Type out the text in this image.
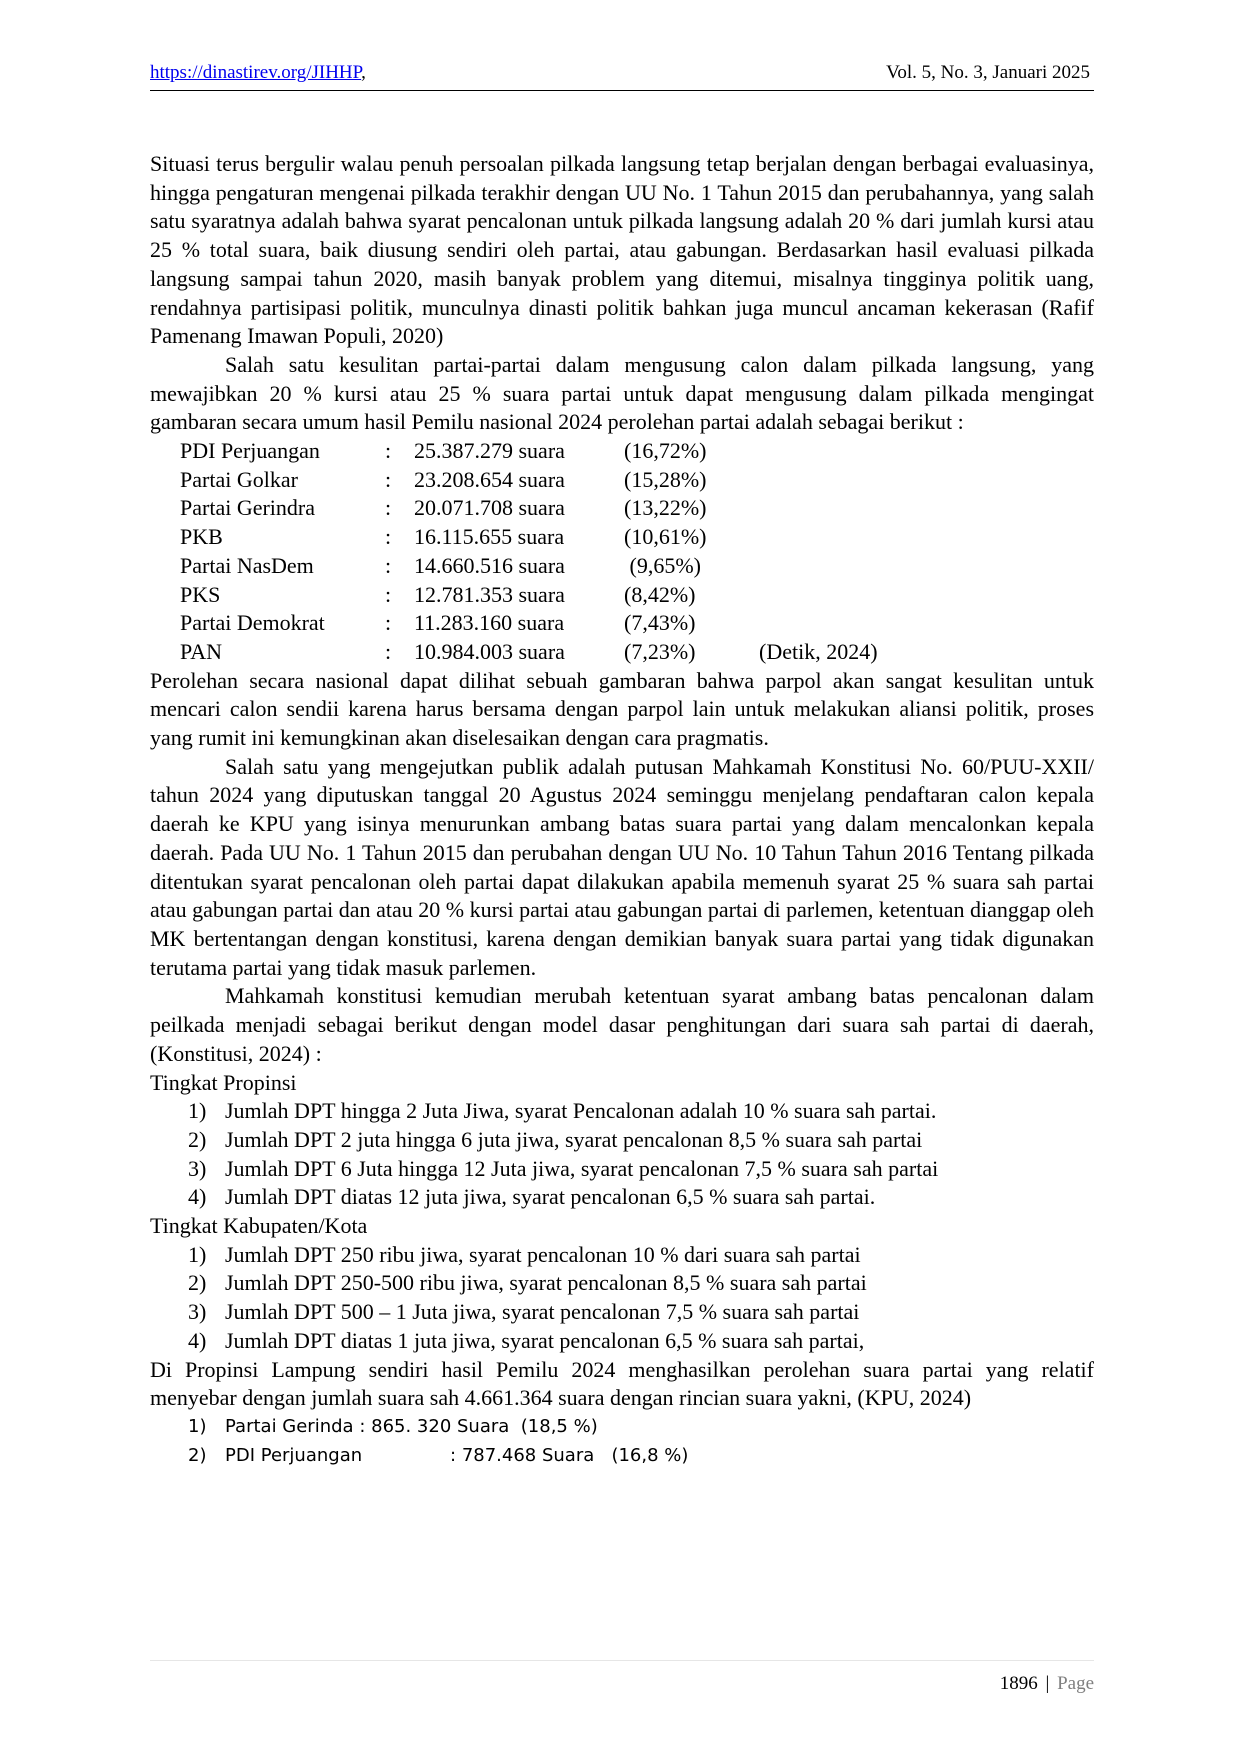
https://dinastirev.org/JIHHP,	Vol. 5, No. 3, Januari 2025

Situasi terus bergulir walau penuh persoalan pilkada langsung tetap berjalan dengan berbagai evaluasinya, hingga pengaturan mengenai pilkada terakhir dengan UU No. 1 Tahun 2015 dan perubahannya, yang salah satu syaratnya adalah bahwa syarat pencalonan untuk pilkada langsung adalah 20 % dari jumlah kursi atau 25 % total suara, baik diusung sendiri oleh partai, atau gabungan. Berdasarkan hasil evaluasi pilkada langsung sampai tahun 2020, masih banyak problem yang ditemui, misalnya tingginya politik uang, rendahnya partisipasi politik, munculnya dinasti politik bahkan juga muncul ancaman kekerasan (Rafif Pamenang Imawan Populi, 2020)

Salah satu kesulitan partai-partai dalam mengusung calon dalam pilkada langsung, yang mewajibkan 20 % kursi atau 25 % suara partai untuk dapat mengusung dalam pilkada mengingat gambaran secara umum hasil Pemilu nasional 2024 perolehan partai adalah sebagai berikut :

PDI Perjuangan	:	25.387.279 suara	(16,72%)	
Partai Golkar	:	23.208.654 suara	(15,28%)	
Partai Gerindra	:	20.071.708 suara	(13,22%)	
PKB	:	16.115.655 suara	(10,61%)	
Partai NasDem	:	14.660.516 suara	(9,65%)	
PKS	:	12.781.353 suara	(8,42%)	
Partai Demokrat	:	11.283.160 suara	(7,43%)	
PAN	:	10.984.003 suara	(7,23%)	(Detik, 2024)

Perolehan secara nasional dapat dilihat sebuah gambaran bahwa parpol akan sangat kesulitan untuk mencari calon sendii karena harus bersama dengan parpol lain untuk melakukan aliansi politik, proses yang rumit ini kemungkinan akan diselesaikan dengan cara pragmatis.

Salah satu yang mengejutkan publik adalah putusan Mahkamah Konstitusi No. 60/PUU-XXII/ tahun 2024 yang diputuskan tanggal 20 Agustus 2024 seminggu menjelang pendaftaran calon kepala daerah ke KPU yang isinya menurunkan ambang batas suara partai yang dalam mencalonkan kepala daerah. Pada UU No. 1 Tahun 2015 dan perubahan dengan UU No. 10 Tahun Tahun 2016 Tentang pilkada ditentukan syarat pencalonan oleh partai dapat dilakukan apabila memenuh syarat 25 % suara sah partai atau gabungan partai dan atau 20 % kursi partai atau gabungan partai di parlemen, ketentuan dianggap oleh MK bertentangan dengan konstitusi, karena dengan demikian banyak suara partai yang tidak digunakan terutama partai yang tidak masuk parlemen.

Mahkamah konstitusi kemudian merubah ketentuan syarat ambang batas pencalonan dalam peilkada menjadi sebagai berikut dengan model dasar penghitungan dari suara sah partai di daerah, (Konstitusi, 2024) :

Tingkat Propinsi

1) Jumlah DPT hingga 2 Juta Jiwa, syarat Pencalonan adalah 10 % suara sah partai.
2) Jumlah DPT 2 juta hingga 6 juta jiwa, syarat pencalonan 8,5 % suara sah partai
3) Jumlah DPT 6 Juta hingga 12 Juta jiwa, syarat pencalonan 7,5 % suara sah partai
4) Jumlah DPT diatas 12 juta jiwa, syarat pencalonan 6,5 % suara sah partai.

Tingkat Kabupaten/Kota

1) Jumlah DPT 250 ribu jiwa, syarat pencalonan 10 % dari suara sah partai
2) Jumlah DPT 250-500 ribu jiwa, syarat pencalonan 8,5 % suara sah partai
3) Jumlah DPT 500 – 1 Juta jiwa, syarat pencalonan 7,5 % suara sah partai
4) Jumlah DPT diatas 1 juta jiwa, syarat pencalonan 6,5 % suara sah partai,

Di Propinsi Lampung sendiri hasil Pemilu 2024 menghasilkan perolehan suara partai yang relatif menyebar dengan jumlah suara sah 4.661.364 suara dengan rincian suara yakni, (KPU, 2024)

1) Partai Gerinda : 865. 320 Suara (18,5 %)
2) PDI Perjuangan	: 787.468 Suara (16,8 %)
1896 | Page
